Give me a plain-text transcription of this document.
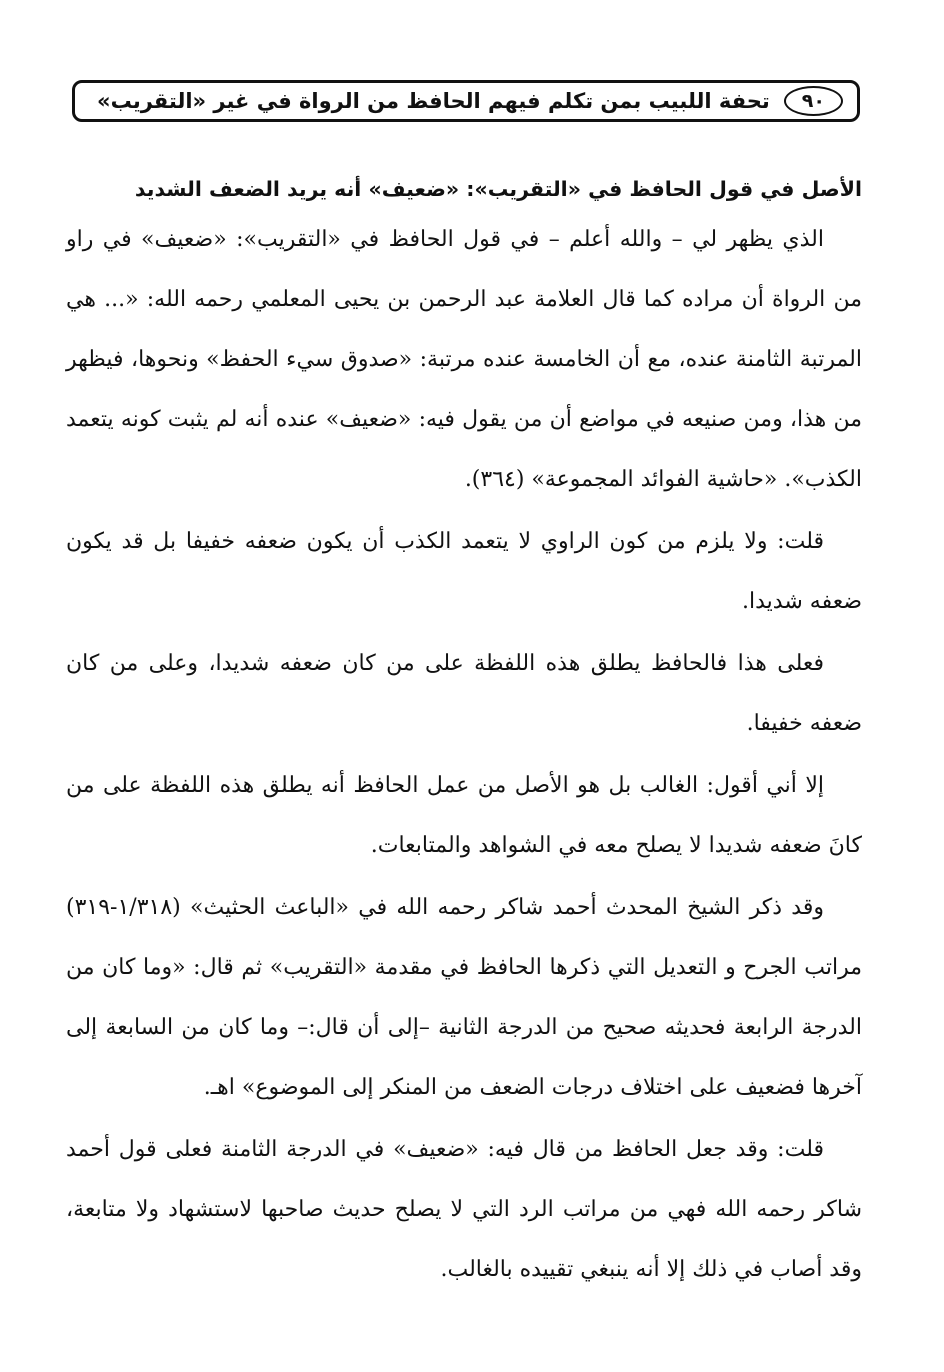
تحفة اللبيب بمن تكلم فيهم الحافظ من الرواة في غير «التقريب»	٩٠
الأصل في قول الحافظ في «التقريب»: «ضعيف» أنه يريد الضعف الشديد

الذي يظهر لي – والله أعلم – في قول الحافظ في «التقريب»: «ضعيف» في راو من الرواة أن مراده كما قال العلامة عبد الرحمن بن يحيى المعلمي رحمه الله: «... هي المرتبة الثامنة عنده، مع أن الخامسة عنده مرتبة: «صدوق سيء الحفظ» ونحوها، فيظهر من هذا، ومن صنيعه في مواضع أن من يقول فيه: «ضعيف» عنده أنه لم يثبت كونه يتعمد الكذب». «حاشية الفوائد المجموعة» (٣٦٤).

قلت: ولا يلزم من كون الراوي لا يتعمد الكذب أن يكون ضعفه خفيفا بل قد يكون ضعفه شديدا.

فعلى هذا فالحافظ يطلق هذه اللفظة على من كان ضعفه شديدا، وعلى من كان ضعفه خفيفا.

إلا أني أقول: الغالب بل هو الأصل من عمل الحافظ أنه يطلق هذه اللفظة على من كانَ ضعفه شديدا لا يصلح معه في الشواهد والمتابعات.

وقد ذكر الشيخ المحدث أحمد شاكر رحمه الله في «الباعث الحثيث» (١/٣١٨-٣١٩) مراتب الجرح و التعديل التي ذكرها الحافظ في مقدمة «التقريب» ثم قال: «وما كان من الدرجة الرابعة فحديثه صحيح من الدرجة الثانية –إلى أن قال:– وما كان من السابعة إلى آخرها فضعيف على اختلاف درجات الضعف من المنكر إلى الموضوع» اهـ.

قلت: وقد جعل الحافظ من قال فيه: «ضعيف» في الدرجة الثامنة فعلى قول أحمد شاكر رحمه الله فهي من مراتب الرد التي لا يصلح حديث صاحبها لاستشهاد ولا متابعة، وقد أصاب في ذلك إلا أنه ينبغي تقييده بالغالب.
